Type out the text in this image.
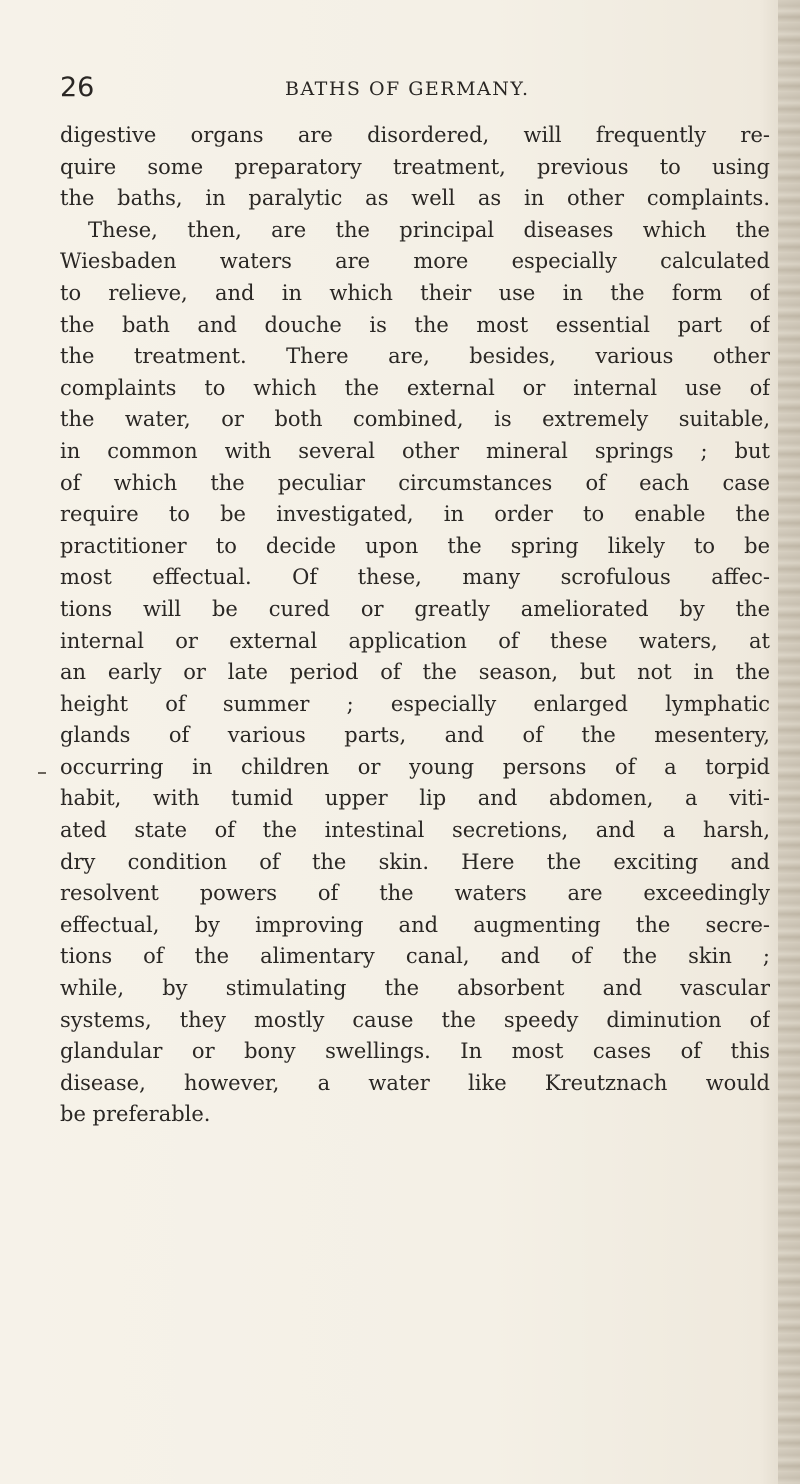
26	BATHS OF GERMANY.
digestive organs are disordered, will frequently re-
quire some preparatory treatment, previous to using
the baths, in paralytic as well as in other complaints.
These, then, are the principal diseases which the
Wiesbaden waters are more especially calculated
to relieve, and in which their use in the form of
the bath and douche is the most essential part of
the treatment. There are, besides, various other
complaints to which the external or internal use of
the water, or both combined, is extremely suitable,
in common with several other mineral springs ; but
of which the peculiar circumstances of each case
require to be investigated, in order to enable the
practitioner to decide upon the spring likely to be
most effectual. Of these, many scrofulous affec-
tions will be cured or greatly ameliorated by the
internal or external application of these waters, at
an early or late period of the season, but not in the
height of summer ; especially enlarged lymphatic
glands of various parts, and of the mesentery,
occurring in children or young persons of a torpid
habit, with tumid upper lip and abdomen, a viti-
ated state of the intestinal secretions, and a harsh,
dry condition of the skin. Here the exciting and
resolvent powers of the waters are exceedingly
effectual, by improving and augmenting the secre-
tions of the alimentary canal, and of the skin ;
while, by stimulating the absorbent and vascular
systems, they mostly cause the speedy diminution of
glandular or bony swellings. In most cases of this
disease, however, a water like Kreutznach would
be preferable.
